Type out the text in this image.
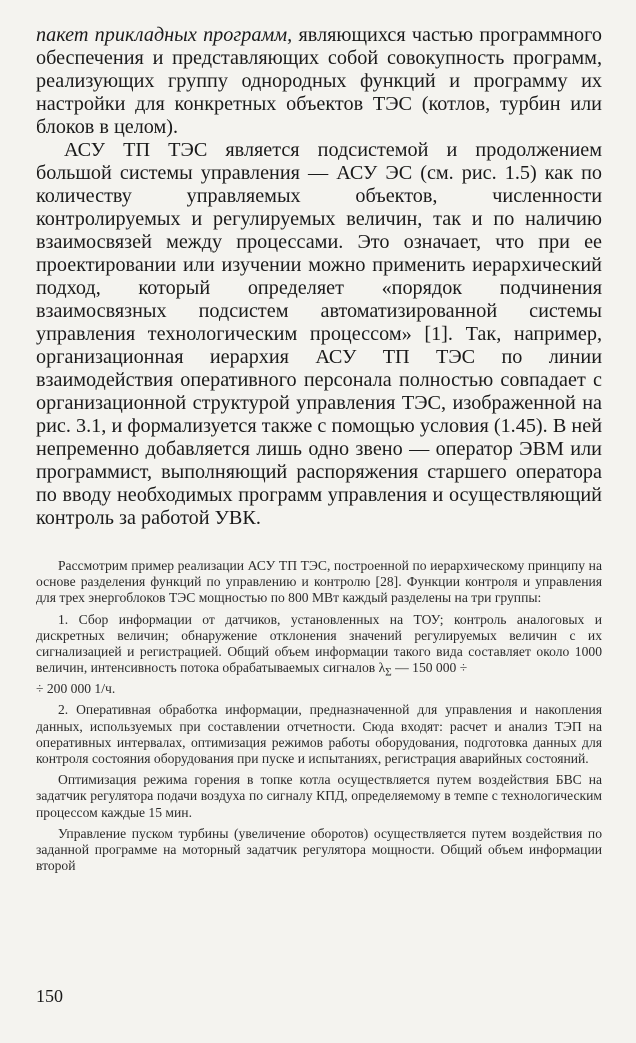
пакет прикладных программ, являющихся частью программного обеспечения и представляющих собой совокупность программ, реализующих группу однородных функций и программу их настройки для конкретных объектов ТЭС (котлов, турбин или блоков в целом).

АСУ ТП ТЭС является подсистемой и продолжением большой системы управления — АСУ ЭС (см. рис. 1.5) как по количеству управляемых объектов, численности контролируемых и регулируемых величин, так и по наличию взаимосвязей между процессами. Это означает, что при ее проектировании или изучении можно применить иерархический подход, который определяет «порядок подчинения взаимосвязных подсистем автоматизированной системы управления технологическим процессом» [1]. Так, например, организационная иерархия АСУ ТП ТЭС по линии взаимодействия оперативного персонала полностью совпадает с организационной структурой управления ТЭС, изображенной на рис. 3.1, и формализуется также с помощью условия (1.45). В ней непременно добавляется лишь одно звено — оператор ЭВМ или программист, выполняющий распоряжения старшего оператора по вводу необходимых программ управления и осуществляющий контроль за работой УВК.

Рассмотрим пример реализации АСУ ТП ТЭС, построенной по иерархическому принципу на основе разделения функций по управлению и контролю [28]. Функции контроля и управления для трех энергоблоков ТЭС мощностью по 800 МВт каждый разделены на три группы:

1. Сбор информации от датчиков, установленных на ТОУ; контроль аналоговых и дискретных величин; обнаружение отклонения значений регулируемых величин с их сигнализацией и регистрацией. Общий объем информации такого вида составляет около 1000 величин, интенсивность потока обрабатываемых сигналов $\lambda_\Sigma$ — 150 000 ÷

÷ 200 000 1/ч.

2. Оперативная обработка информации, предназначенной для управления и накопления данных, используемых при составлении отчетности. Сюда входят: расчет и анализ ТЭП на оперативных интервалах, оптимизация режимов работы оборудования, подготовка данных для контроля состояния оборудования при пуске и испытаниях, регистрация аварийных состояний.

Оптимизация режима горения в топке котла осуществляется путем воздействия БВС на задатчик регулятора подачи воздуха по сигналу КПД, определяемому в темпе с технологическим процессом каждые 15 мин.

Управление пуском турбины (увеличение оборотов) осуществляется путем воздействия по заданной программе на моторный задатчик регулятора мощности. Общий объем информации второй

150
